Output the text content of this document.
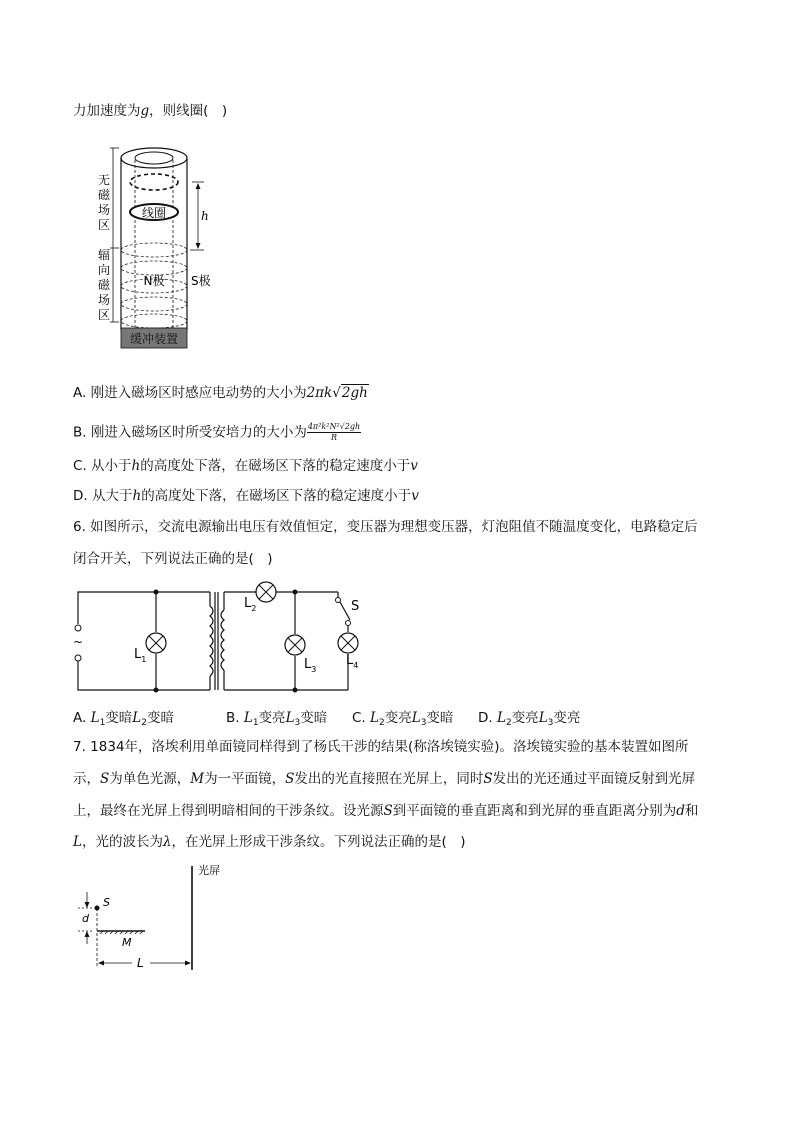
力加速度为g，则线圈(　)
线圈
N极 S极
h
无
磁
场
区
辐
向
磁
场
区
缓冲装置
A. 刚进入磁场区时感应电动势的大小为2πk√2gh
B. 刚进入磁场区时所受安培力的大小为 $\frac{\text{4π²k²N²√2gh}}{R}$
C. 从小于h的高度处下落，在磁场区下落的稳定速度小于v
D. 从大于h的高度处下落，在磁场区下落的稳定速度小于v
6. 如图所示，交流电源输出电压有效值恒定，变压器为理想变压器，灯泡阻值不随温度变化，电路稳定后
闭合开关，下列说法正确的是(　)
~
$L_1$
$L_2$
$L_3$
$L_4$
S
A. $L_1$变暗$L_2$变暗	B. $L_1$变亮$L_3$变暗 C. $L_2$变亮$L_3$变暗 D. $L_2$变亮$L_3$变亮
7. 1834年，洛埃利用单面镜同样得到了杨氏干涉的结果(称洛埃镜实验)。洛埃镜实验的基本装置如图所
示，S为单色光源，M为一平面镜，S发出的光直接照在光屏上，同时S发出的光还通过平面镜反射到光屏
上，最终在光屏上得到明暗相间的干涉条纹。设光源S到平面镜的垂直距离和到光屏的垂直距离分别为d和
L，光的波长为λ，在光屏上形成干涉条纹。下列说法正确的是(　)
光屏
S
d
M
L
